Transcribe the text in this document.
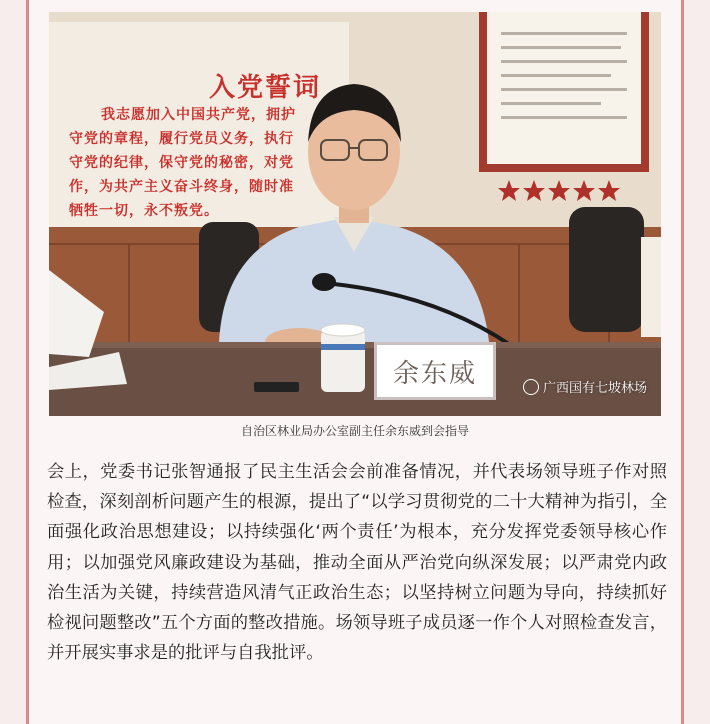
入党誓词
我志愿加入中国共产党，拥护
守党的章程，履行党员义务，执行
守党的纪律，保守党的秘密，对党
作，为共产主义奋斗终身，随时准
牺牲一切，永不叛党。
余东威	广西国有七坡林场
自治区林业局办公室副主任余东威到会指导

会上，党委书记张智通报了民主生活会会前准备情况，并代表场领导班子作对照检查，深刻剖析问题产生的根源，提出了“以学习贯彻党的二十大精神为指引，全面强化政治思想建设；以持续强化‘两个责任’为根本，充分发挥党委领导核心作用；以加强党风廉政建设为基础，推动全面从严治党向纵深发展；以严肃党内政治生活为关键，持续营造风清气正政治生态；以坚持树立问题为导向，持续抓好检视问题整改”五个方面的整改措施。场领导班子成员逐一作个人对照检查发言，并开展实事求是的批评与自我批评。
